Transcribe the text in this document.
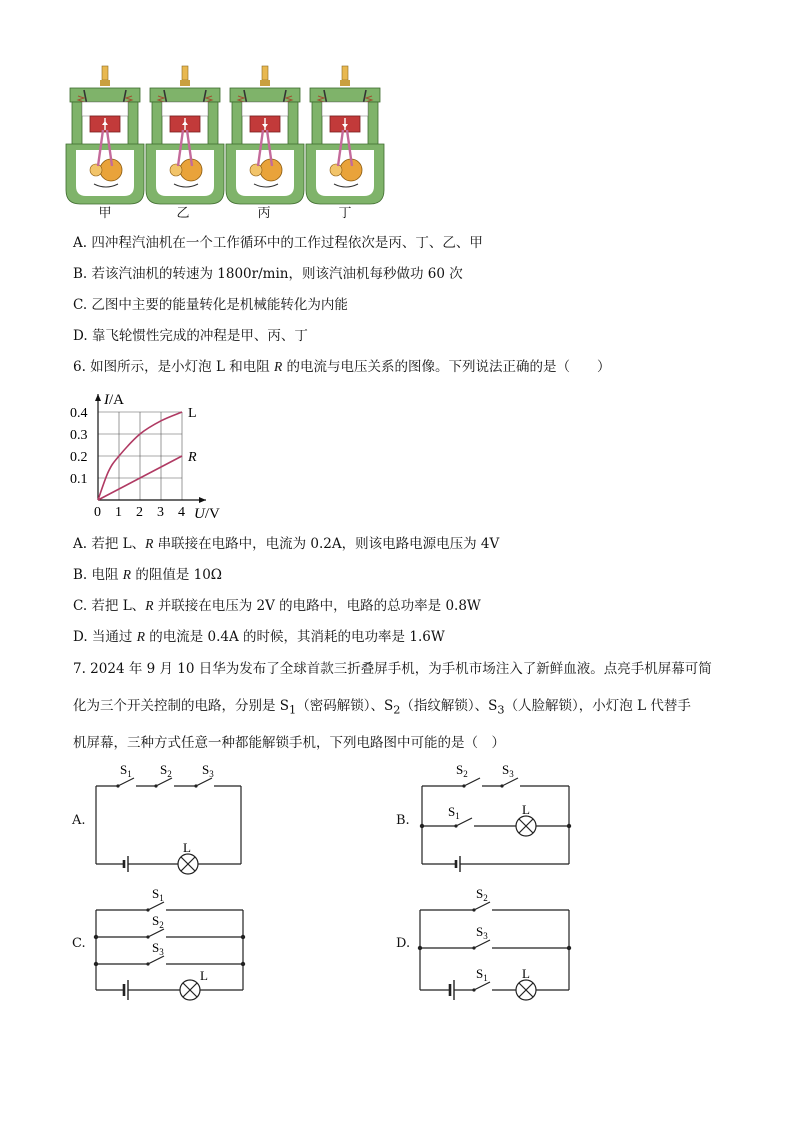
甲	乙	丙	丁
A. 四冲程汽油机在一个工作循环中的工作过程依次是丙、丁、乙、甲
B. 若该汽油机的转速为 1800r/min，则该汽油机每秒做功 60 次
C. 乙图中主要的能量转化是机械能转化为内能
D. 靠飞轮惯性完成的冲程是甲、丙、丁
6. 如图所示，是小灯泡 L 和电阻 R 的电流与电压关系的图像。下列说法正确的是（　　）
L
R
0 1 2 3 4
0.1
0.2
0.3
0.4
I/A
U/V
A. 若把 L、R 串联接在电路中，电流为 0.2A，则该电路电源电压为 4V
B. 电阻 R 的阻值是 10Ω
C. 若把 L、R 并联接在电压为 2V 的电路中，电路的总功率是 0.8W
D. 当通过 R 的电流是 0.4A 的时候，其消耗的电功率是 1.6W
7. 2024 年 9 月 10 日华为发布了全球首款三折叠屏手机，为手机市场注入了新鲜血液。点亮手机屏幕可简
化为三个开关控制的电路，分别是 $S_1$（密码解锁）、$S_2$（指纹解锁）、$S_3$（人脸解锁），小灯泡 L 代替手
机屏幕，三种方式任意一种都能解锁手机，下列电路图中可能的是（　）
A.
$S_1$ $S_2$ $S_3$
L
B.
$S_2$	$S_3$
$S_1$	L
C.
$S_1$
$S_2$
$S_3$
L
D.
$S_2$
$S_3$
$S_1$	L
